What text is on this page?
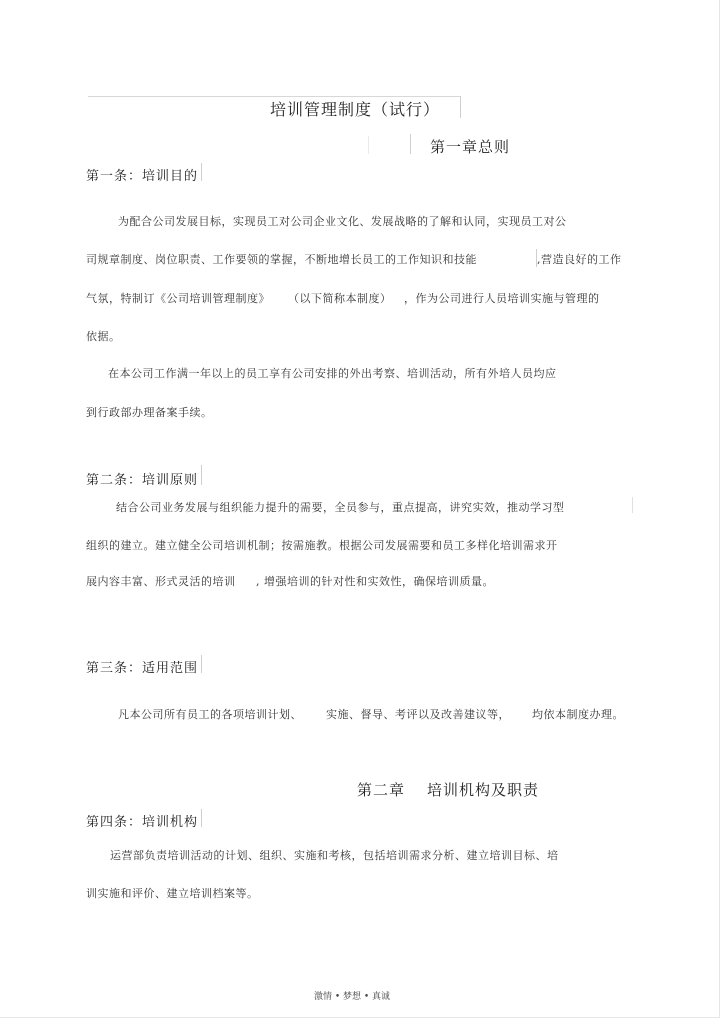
培训管理制度（试行）
第一章总则
第一条：培训目的
为配合公司发展目标，实现员工对公司企业文化、发展战略的了解和认同，实现员工对公
司规章制度、岗位职责、工作要领的掌握，不断地增长员工的工作知识和技能	,营造良好的工作
气氛，特制订《公司培训管理制度》 （以下简称本制度） ，作为公司进行人员培训实施与管理的
依据。
在本公司工作满一年以上的员工享有公司安排的外出考察、培训活动，所有外培人员均应
到行政部办理备案手续。
第二条：培训原则
结合公司业务发展与组织能力提升的需要，全员参与，重点提高，讲究实效，推动学习型
组织的建立。建立健全公司培训机制；按需施教。根据公司发展需要和员工多样化培训需求开
展内容丰富、形式灵活的培训 , 增强培训的针对性和实效性，确保培训质量。
第三条：适用范围
凡本公司所有员工的各项培训计划、 实施、督导、考评以及改善建议等， 均依本制度办理。
第二章 培训机构及职责
第四条：培训机构
运营部负责培训活动的计划、组织、实施和考核，包括培训需求分析、建立培训目标、培
训实施和评价、建立培训档案等。
激情 • 梦想 • 真诚
